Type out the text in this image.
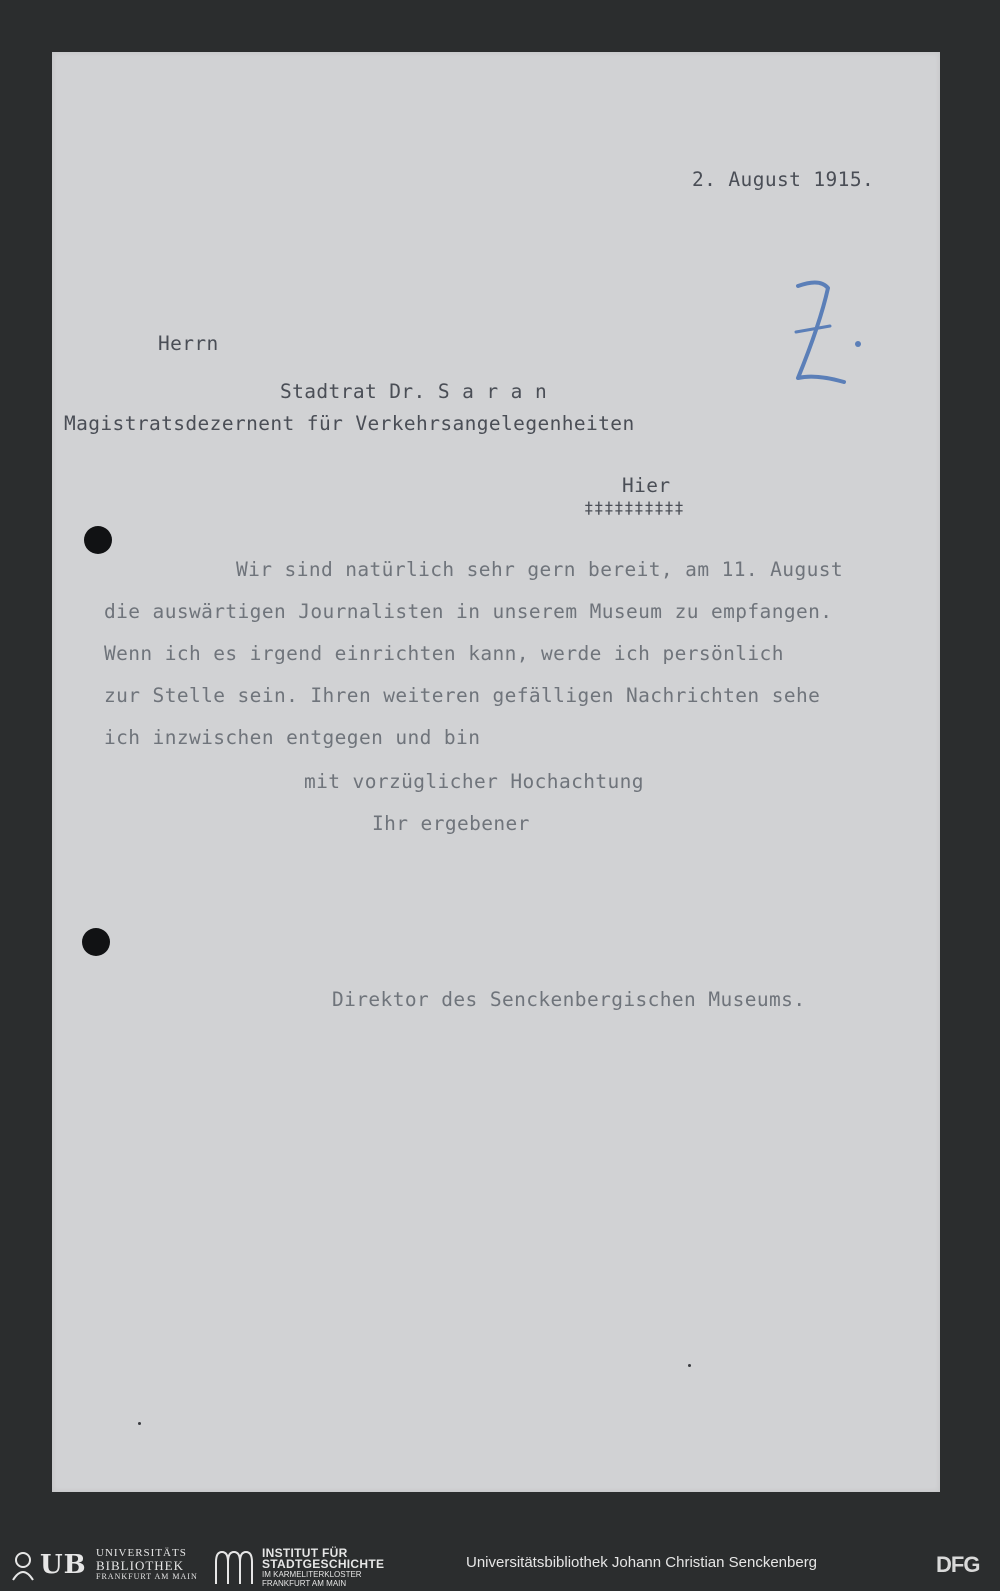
2. August 1915.
Herrn
Stadtrat Dr. S a r a n
Magistratsdezernent für Verkehrsangelegenheiten
Hier
‡‡‡‡‡‡‡‡‡‡
Wir sind natürlich sehr gern bereit, am 11. August
die auswärtigen Journalisten in unserem Museum zu empfangen.
Wenn ich es irgend einrichten kann, werde ich persönlich
zur Stelle sein. Ihren weiteren gefälligen Nachrichten sehe
ich inzwischen entgegen und bin
mit vorzüglicher Hochachtung
Ihr ergebener
Direktor des Senckenbergischen Museums.
UB UNIVERSITÄTS
BIBLIOTHEK
FRANKFURT AM MAIN
INSTITUT FÜR
STADTGESCHICHTE
IM KARMELITERKLOSTER
FRANKFURT AM MAIN
Universitätsbibliothek Johann Christian Senckenberg	DFG
